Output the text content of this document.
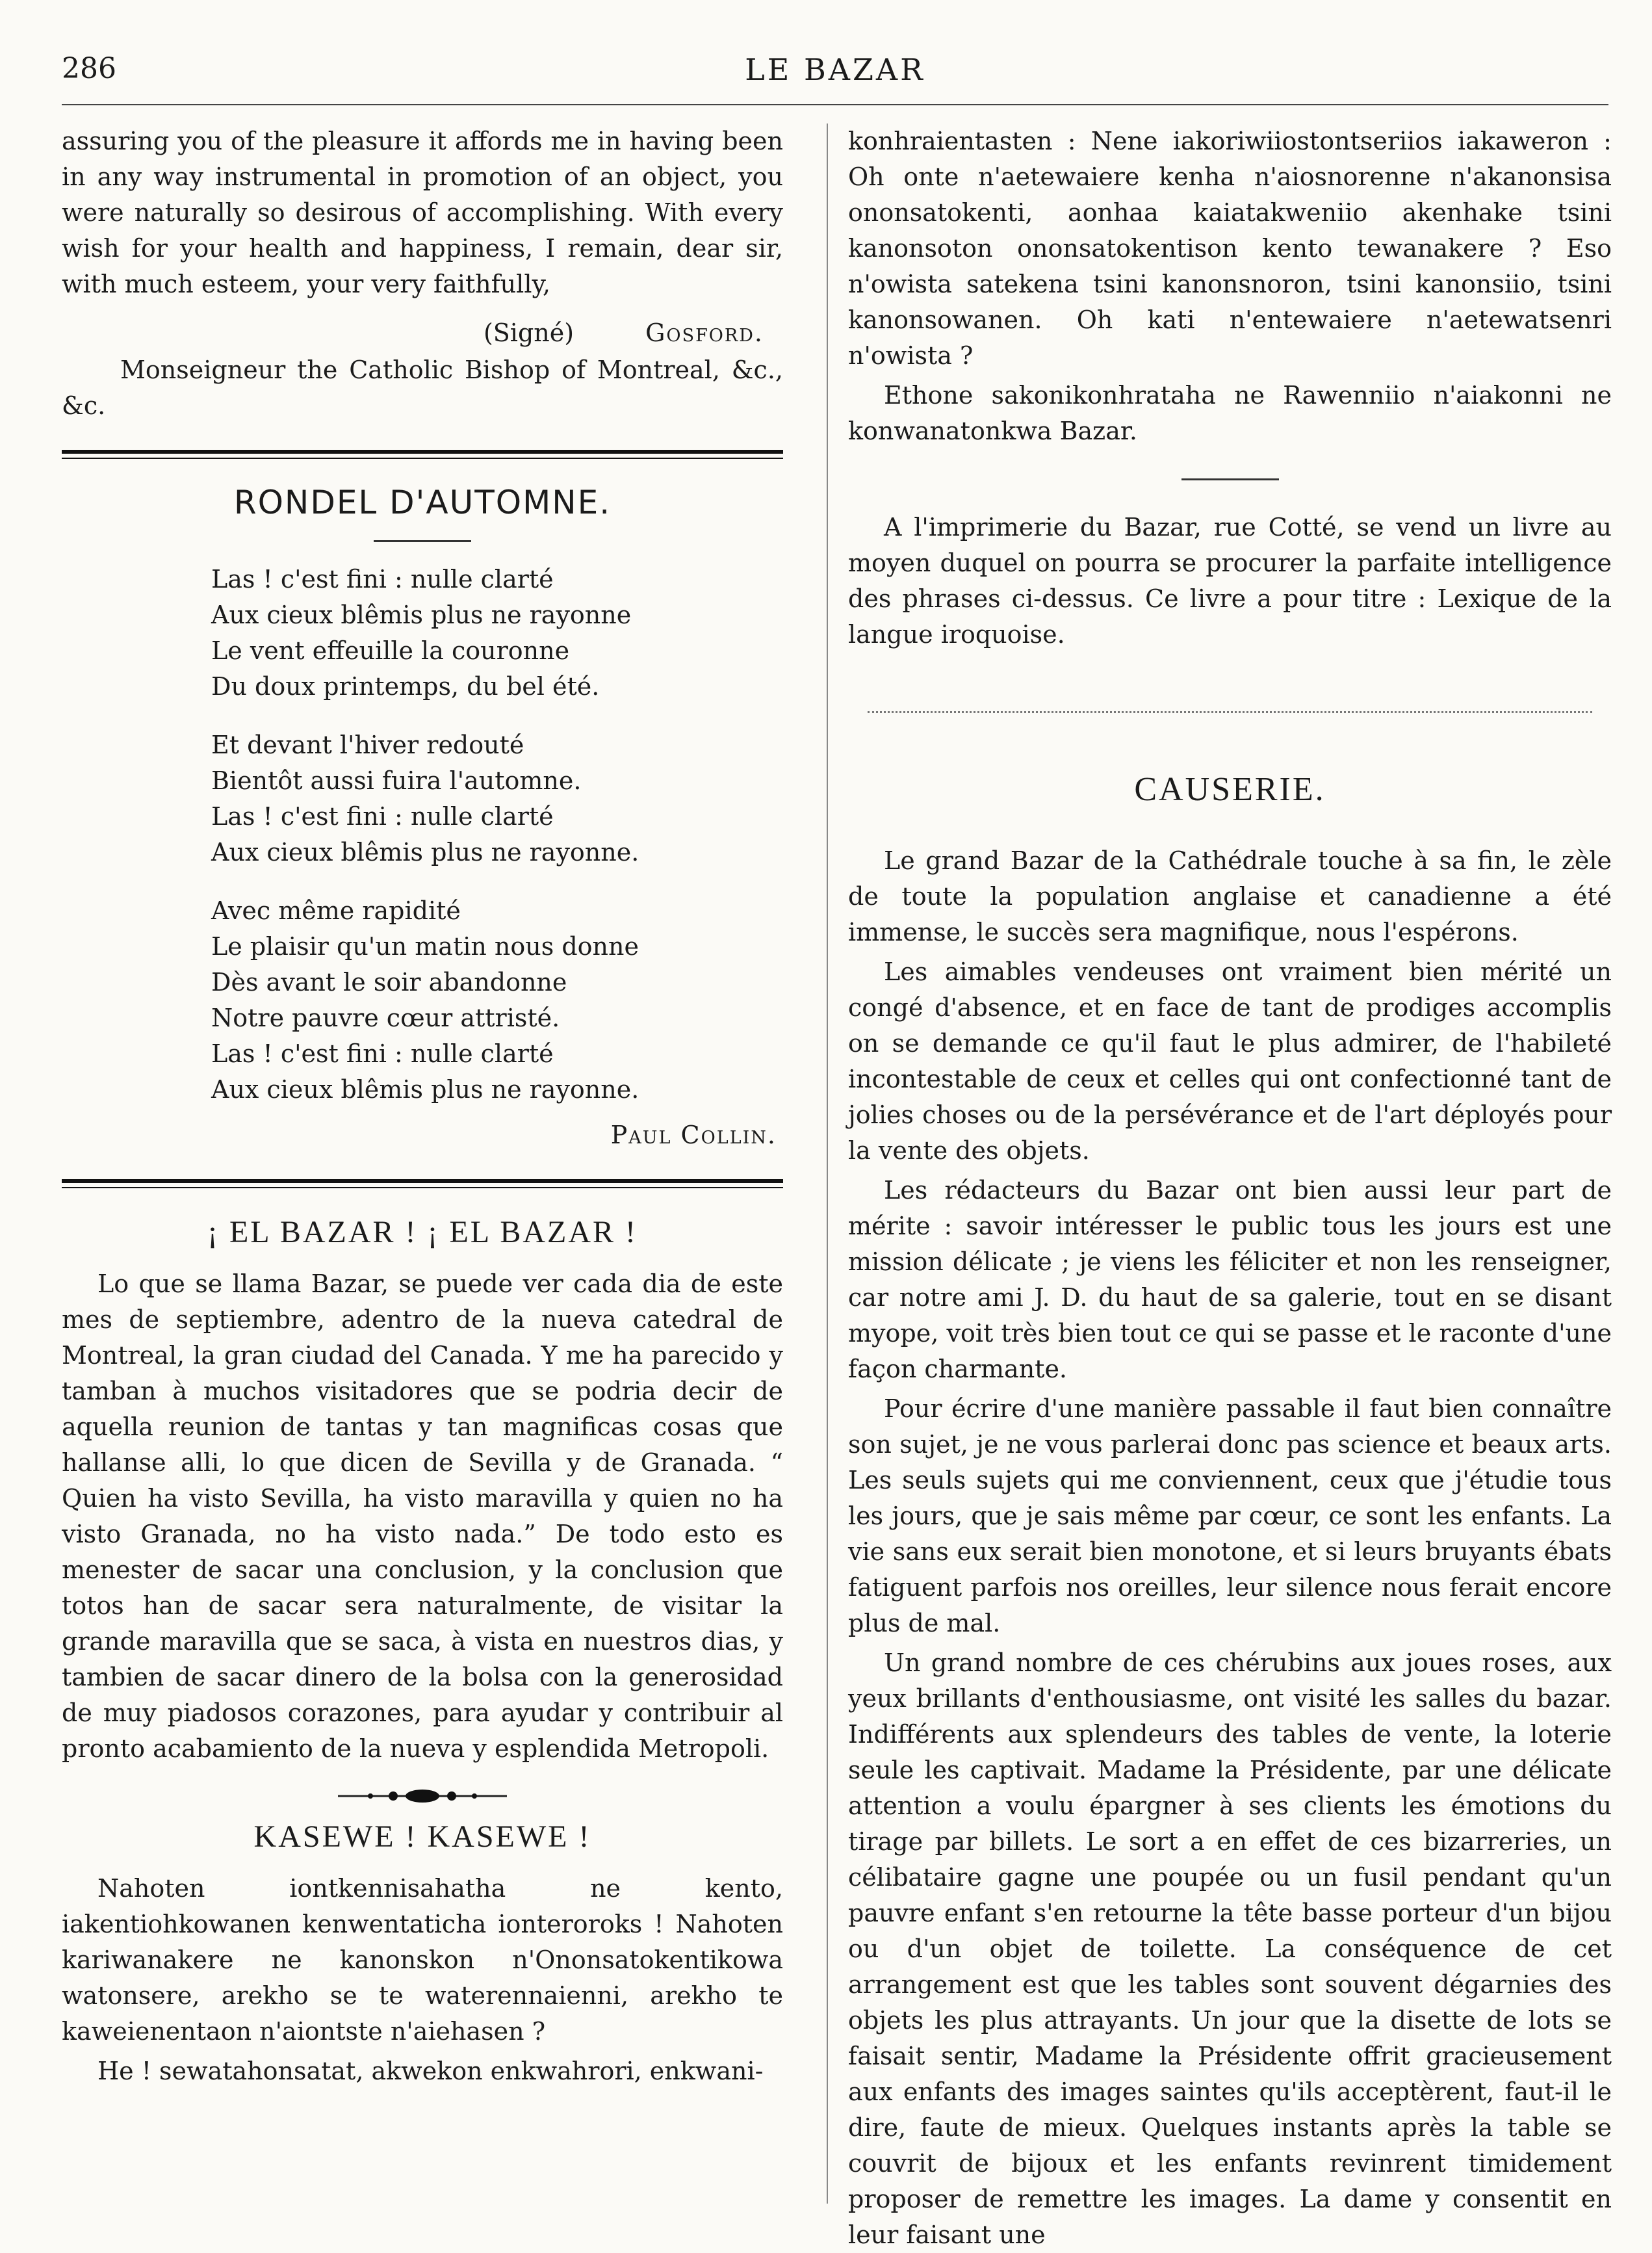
286	LE BAZAR

assuring you of the pleasure it affords me in having been in any way instrumental in promotion of an object, you were naturally so desirous of accomplishing. With every wish for your health and happiness, I remain, dear sir, with much esteem, your very faithfully,

(Signé)	Gosford.

Monseigneur the Catholic Bishop of Montreal, &c., &c.

RONDEL D'AUTOMNE.
Las ! c'est fini : nulle clarté
Aux cieux blêmis plus ne rayonne
Le vent effeuille la couronne
Du doux printemps, du bel été.
Et devant l'hiver redouté
Bientôt aussi fuira l'automne.
Las ! c'est fini : nulle clarté
Aux cieux blêmis plus ne rayonne.
Avec même rapidité
Le plaisir qu'un matin nous donne
Dès avant le soir abandonne
Notre pauvre cœur attristé.
Las ! c'est fini : nulle clarté
Aux cieux blêmis plus ne rayonne.
Paul Collin.
¡ EL BAZAR ! ¡ EL BAZAR !

Lo que se llama Bazar, se puede ver cada dia de este mes de septiembre, adentro de la nueva catedral de Montreal, la gran ciudad del Canada. Y me ha parecido y tamban à muchos visitadores que se podria decir de aquella reunion de tantas y tan magnificas cosas que hallanse alli, lo que dicen de Sevilla y de Granada. “ Quien ha visto Sevilla, ha visto maravilla y quien no ha visto Granada, no ha visto nada.” De todo esto es menester de sacar una conclusion, y la conclusion que totos han de sacar sera naturalmente, de visitar la grande maravilla que se saca, à vista en nuestros dias, y tambien de sacar dinero de la bolsa con la generosidad de muy piadosos corazones, para ayudar y contribuir al pronto acabamiento de la nueva y esplendida Metropoli.

KASEWE ! KASEWE !

Nahoten iontkennisahatha ne kento, iakentiohkowanen kenwentaticha ionteroroks ! Nahoten kariwanakere ne kanonskon n'Ononsatokentikowa watonsere, arekho se te waterennaienni, arekho te kaweienentaon n'aiontste n'aiehasen ?

He ! sewatahonsatat, akwekon enkwahrori, enkwani-

konhraientasten : Nene iakoriwiiostontseriios iakaweron : Oh onte n'aetewaiere kenha n'aiosnorenne n'akanonsisa ononsatokenti, aonhaa kaiatakweniio akenhake tsini kanonsoton ononsatokentison kento tewanakere ? Eso n'owista satekena tsini kanonsnoron, tsini kanonsiio, tsini kanonsowanen. Oh kati n'entewaiere n'aetewatsenri n'owista ?

Ethone sakonikonhrataha ne Rawenniio n'aiakonni ne konwanatonkwa Bazar.

A l'imprimerie du Bazar, rue Cotté, se vend un livre au moyen duquel on pourra se procurer la parfaite intelligence des phrases ci-dessus. Ce livre a pour titre : Lexique de la langue iroquoise.

CAUSERIE.

Le grand Bazar de la Cathédrale touche à sa fin, le zèle de toute la population anglaise et canadienne a été immense, le succès sera magnifique, nous l'espérons.

Les aimables vendeuses ont vraiment bien mérité un congé d'absence, et en face de tant de prodiges accomplis on se demande ce qu'il faut le plus admirer, de l'habileté incontestable de ceux et celles qui ont confectionné tant de jolies choses ou de la persévérance et de l'art déployés pour la vente des objets.

Les rédacteurs du Bazar ont bien aussi leur part de mérite : savoir intéresser le public tous les jours est une mission délicate ; je viens les féliciter et non les renseigner, car notre ami J. D. du haut de sa galerie, tout en se disant myope, voit très bien tout ce qui se passe et le raconte d'une façon charmante.

Pour écrire d'une manière passable il faut bien connaître son sujet, je ne vous parlerai donc pas science et beaux arts. Les seuls sujets qui me conviennent, ceux que j'étudie tous les jours, que je sais même par cœur, ce sont les enfants. La vie sans eux serait bien monotone, et si leurs bruyants ébats fatiguent parfois nos oreilles, leur silence nous ferait encore plus de mal.

Un grand nombre de ces chérubins aux joues roses, aux yeux brillants d'enthousiasme, ont visité les salles du bazar. Indifférents aux splendeurs des tables de vente, la loterie seule les captivait. Madame la Présidente, par une délicate attention a voulu épargner à ses clients les émotions du tirage par billets. Le sort a en effet de ces bizarreries, un célibataire gagne une poupée ou un fusil pendant qu'un pauvre enfant s'en retourne la tête basse porteur d'un bijou ou d'un objet de toilette. La conséquence de cet arrangement est que les tables sont souvent dégarnies des objets les plus attrayants. Un jour que la disette de lots se faisait sentir, Madame la Présidente offrit gracieusement aux enfants des images saintes qu'ils acceptèrent, faut-il le dire, faute de mieux. Quelques instants après la table se couvrit de bijoux et les enfants revinrent timidement proposer de remettre les images. La dame y consentit en leur faisant une
